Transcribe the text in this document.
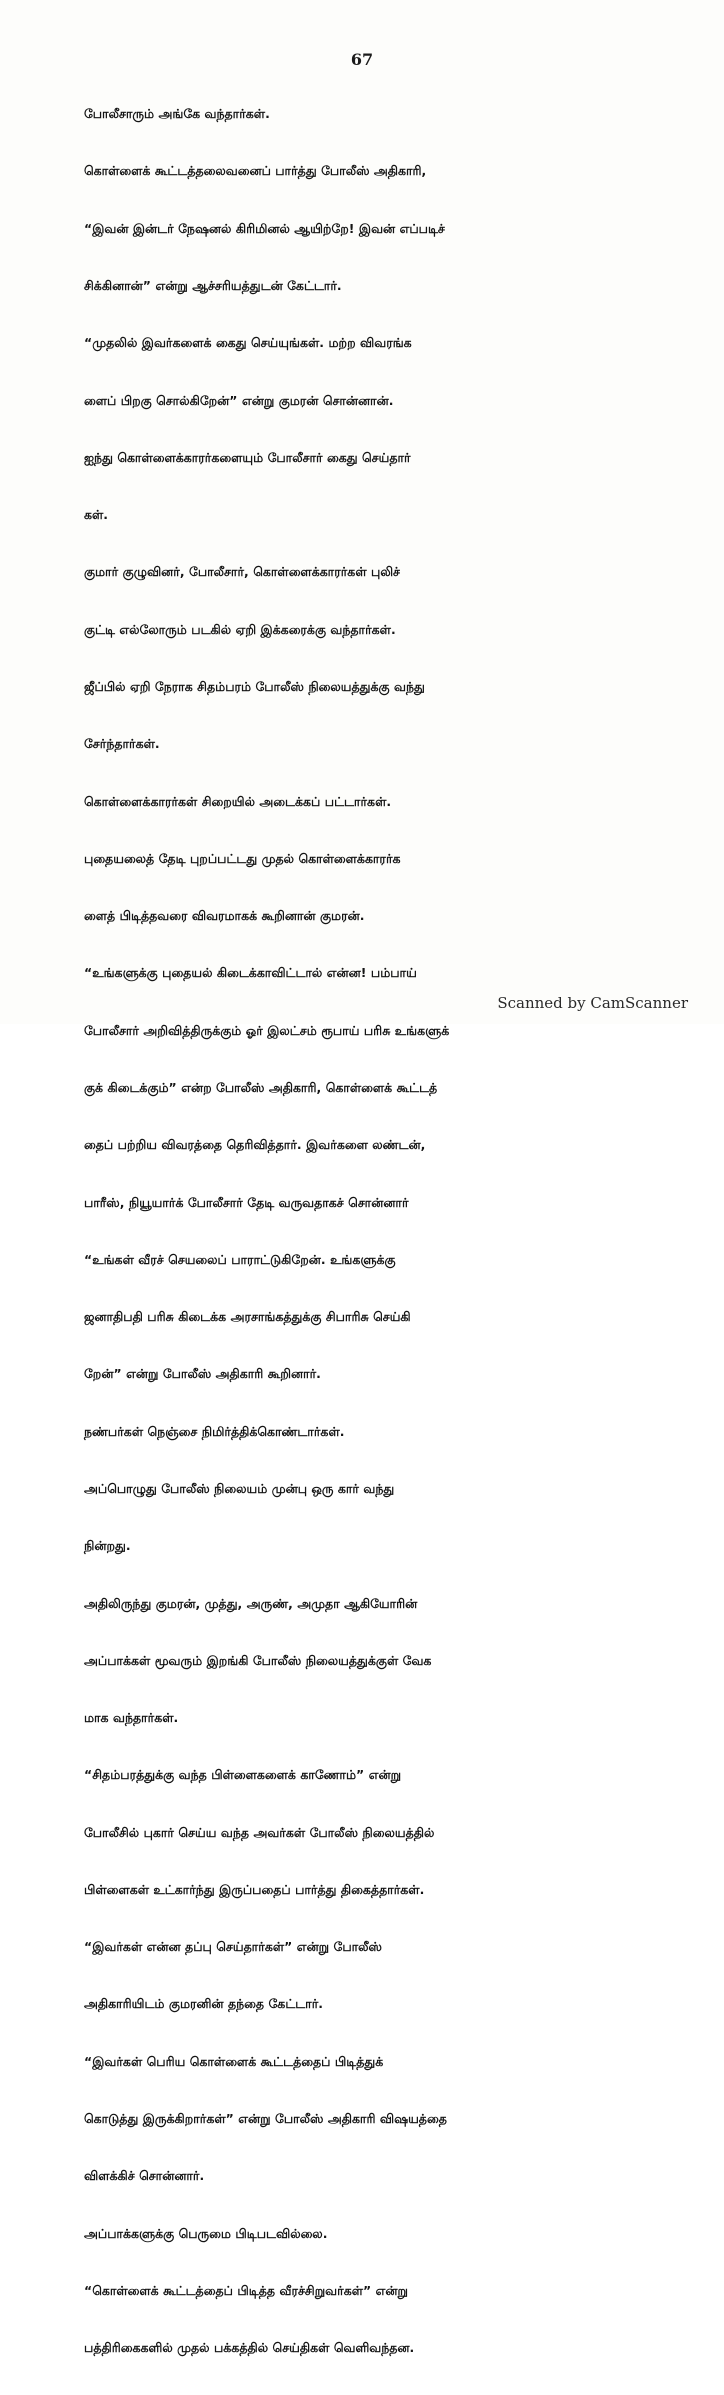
67

போலீசாரும் அங்கே வந்தார்கள்.

கொள்ளைக் கூட்டத்தலைவனைப் பார்த்து போலீஸ் அதிகாரி,

“இவன் இன்டர் நேஷனல் கிரிமினல் ஆயிற்றே! இவன் எப்படிச்

சிக்கினான்” என்று ஆச்சரியத்துடன் கேட்டார்.

“முதலில் இவர்களைக் கைது செய்யுங்கள். மற்ற விவரங்க

ளைப் பிறகு சொல்கிறேன்” என்று குமரன் சொன்னான்.

ஐந்து கொள்ளைக்காரர்களையும் போலீசார் கைது செய்தார்

கள்.

குமார் குழுவினர், போலீசார், கொள்ளைக்காரர்கள் புலிச்

குட்டி எல்லோரும் படகில் ஏறி இக்கரைக்கு வந்தார்கள்.

ஜீப்பில் ஏறி நேராக சிதம்பரம் போலீஸ் நிலையத்துக்கு வந்து

சேர்ந்தார்கள்.

கொள்ளைக்காரர்கள் சிறையில் அடைக்கப் பட்டார்கள்.

புதையலைத் தேடி புறப்பட்டது முதல் கொள்ளைக்காரர்க

ளைத் பிடித்தவரை விவரமாகக் கூறினான் குமரன்.

“உங்களுக்கு புதையல் கிடைக்காவிட்டால் என்ன! பம்பாய்

போலீசார் அறிவித்திருக்கும் ஓர் இலட்சம் ரூபாய் பரிசு உங்களுக்

குக் கிடைக்கும்” என்ற போலீஸ் அதிகாரி, கொள்ளைக் கூட்டத்

தைப் பற்றிய விவரத்தை தெரிவித்தார். இவர்களை லண்டன்,

பாரீஸ், நியூயார்க் போலீசார் தேடி வருவதாகச் சொன்னார்

“உங்கள் வீரச் செயலைப் பாராட்டுகிறேன். உங்களுக்கு

ஜனாதிபதி பரிசு கிடைக்க அரசாங்கத்துக்கு சிபாரிசு செய்கி

றேன்” என்று போலீஸ் அதிகாரி கூறினார்.

நண்பர்கள் நெஞ்சை நிமிர்த்திக்கொண்டார்கள்.

அப்பொழுது போலீஸ் நிலையம் முன்பு ஒரு கார் வந்து

நின்றது.

அதிலிருந்து குமரன், முத்து, அருண், அமுதா ஆகியோரின்

அப்பாக்கள் மூவரும் இறங்கி போலீஸ் நிலையத்துக்குள் வேக

மாக வந்தார்கள்.

“சிதம்பரத்துக்கு வந்த பிள்ளைகளைக் காணோம்” என்று

போலீசில் புகார் செய்ய வந்த அவர்கள் போலீஸ் நிலையத்தில்

பிள்ளைகள் உட்கார்ந்து இருப்பதைப் பார்த்து திகைத்தார்கள்.

“இவர்கள் என்ன தப்பு செய்தார்கள்” என்று போலீஸ்

அதிகாரியிடம் குமரனின் தந்தை கேட்டார்.

“இவர்கள் பெரிய கொள்ளைக் கூட்டத்தைப் பிடித்துக்

கொடுத்து இருக்கிறார்கள்” என்று போலீஸ் அதிகாரி விஷயத்தை

விளக்கிச் சொன்னார்.

அப்பாக்களுக்கு பெருமை பிடிபடவில்லை.

“கொள்ளைக் கூட்டத்தைப் பிடித்த வீரச்சிறுவர்கள்” என்று

பத்திரிகைகளில் முதல் பக்கத்தில் செய்திகள் வெளிவந்தன.

Scanned by CamScanner
